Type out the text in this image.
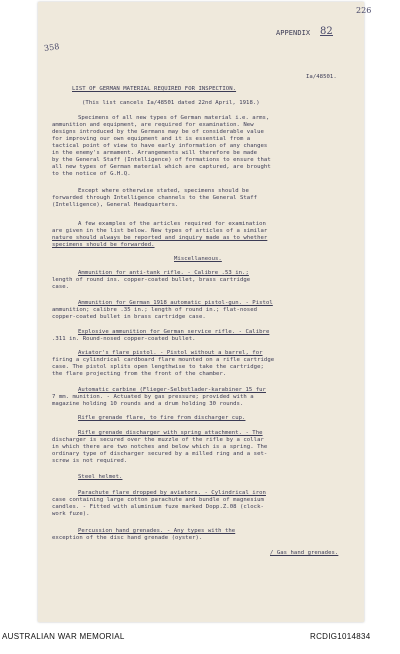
226
358
APPENDIX 82
Ia/48501.
LIST OF GERMAN MATERIAL REQUIRED FOR INSPECTION.
(This list cancels Ia/48501 dated 22nd April, 1918.)
Specimens of all new types of German material i.e. arms,
ammunition and equipment, are required for examination. New
designs introduced by the Germans may be of considerable value
for improving our own equipment and it is essential from a
tactical point of view to have early information of any changes
in the enemy's armament. Arrangements will therefore be made
by the General Staff (Intelligence) of formations to ensure that
all new types of German material which are captured, are brought
to the notice of G.H.Q.
Except where otherwise stated, specimens should be
forwarded through Intelligence channels to the General Staff
(Intelligence), General Headquarters.
A few examples of the articles required for examination
are given in the list below. New types of articles of a similar
nature should always be reported and inquiry made as to whether
specimens should be forwarded.
Miscellaneous.
Ammunition for anti-tank rifle. - Calibre .53 in.;
length of round ins. copper-coated bullet, brass cartridge
case.
Ammunition for German 1918 automatic pistol-gun. - Pistol
ammunition; calibre .35 in.; length of round in.; flat-nosed
copper-coated bullet in brass cartridge case.
Explosive ammunition for German service rifle. - Calibre
.311 in. Round-nosed copper-coated bullet.
Aviator's flare pistol. - Pistol without a barrel, for
firing a cylindrical cardboard flare mounted on a rifle cartridge
case. The pistol splits open lengthwise to take the cartridge;
the flare projecting from the front of the chamber.
Automatic carbine (Flieger-Selbstlader-karabiner 15 fur
7 mm. munition. - Actuated by gas pressure; provided with a
magazine holding 10 rounds and a drum holding 30 rounds.
Rifle grenade flare, to fire from discharger cup.
Rifle grenade discharger with spring attachment. - The
discharger is secured over the muzzle of the rifle by a collar
in which there are two notches and below which is a spring. The
ordinary type of discharger secured by a milled ring and a set-
screw is not required.
Steel helmet.
Parachute flare dropped by aviators. - Cylindrical iron
case containing large cotton parachute and bundle of magnesium
candles. - Fitted with aluminium fuze marked Dopp.Z.08 (clock-
work fuze).
Percussion hand grenades. - Any types with the
exception of the disc hand grenade (oyster).
/ Gas hand grenades.
AUSTRALIAN WAR MEMORIAL	RCDIG1014834
